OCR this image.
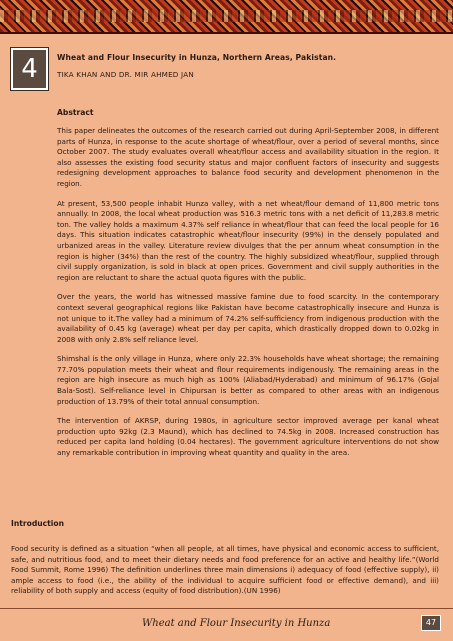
4	Wheat and Flour Insecurity in Hunza, Northern Areas, Pakistan.
TIKA KHAN AND DR. MIR AHMED JAN
Abstract

This paper delineates the outcomes of the research carried out during April-September 2008, in different parts of Hunza, in response to the acute shortage of wheat/flour, over a period of several months, since October 2007. The study evaluates overall wheat/flour access and availability situation in the region. It also assesses the existing food security status and major confluent factors of insecurity and suggests redesigning development approaches to balance food security and development phenomenon in the region.

At present, 53,500 people inhabit Hunza valley, with a net wheat/flour demand of 11,800 metric tons annually. In 2008, the local wheat production was 516.3 metric tons with a net deficit of 11,283.8 metric ton. The valley holds a maximum 4.37% self reliance in wheat/flour that can feed the local people for 16 days. This situation indicates catastrophic wheat/flour insecurity (99%) in the densely populated and urbanized areas in the valley. Literature review divulges that the per annum wheat consumption in the region is higher (34%) than the rest of the country. The highly subsidized wheat/flour, supplied through civil supply organization, is sold in black at open prices. Government and civil supply authorities in the region are reluctant to share the actual quota figures with the public.

Over the years, the world has witnessed massive famine due to food scarcity. In the contemporary context several geographical regions like Pakistan have become catastrophically insecure and Hunza is not unique to it.The valley had a minimum of 74.2% self-sufficiency from indigenous production with the availability of 0.45 kg (average) wheat per day per capita, which drastically dropped down to 0.02kg in 2008 with only 2.8% self reliance level.

Shimshal is the only village in Hunza, where only 22.3% households have wheat shortage; the remaining 77.70% population meets their wheat and flour requirements indigenously. The remaining areas in the region are high insecure as much high as 100% (Aliabad/Hyderabad) and minimum of 96.17% (Gojal Bala-Sost). Self-reliance level in Chipursan is better as compared to other areas with an indigenous production of 13.79% of their total annual consumption.

The intervention of AKRSP, during 1980s, in agriculture sector improved average per kanal wheat production upto 92kg (2.3 Maund), which has declined to 74.5kg in 2008. Increased construction has reduced per capita land holding (0.04 hectares). The government agriculture interventions do not show any remarkable contribution in improving wheat quantity and quality in the area.

Introduction

Food security is defined as a situation “when all people, at all times, have physical and economic access to sufficient, safe, and nutritious food, and to meet their dietary needs and food preference for an active and healthy life.”(World Food Summit, Rome 1996) The definition underlines three main dimensions i) adequacy of food (effective supply), ii) ample access to food (i.e., the ability of the individual to acquire sufficient food or effective demand), and iii) reliability of both supply and access (equity of food distribution).(UN 1996)

Wheat and Flour Insecurity in Hunza	47
